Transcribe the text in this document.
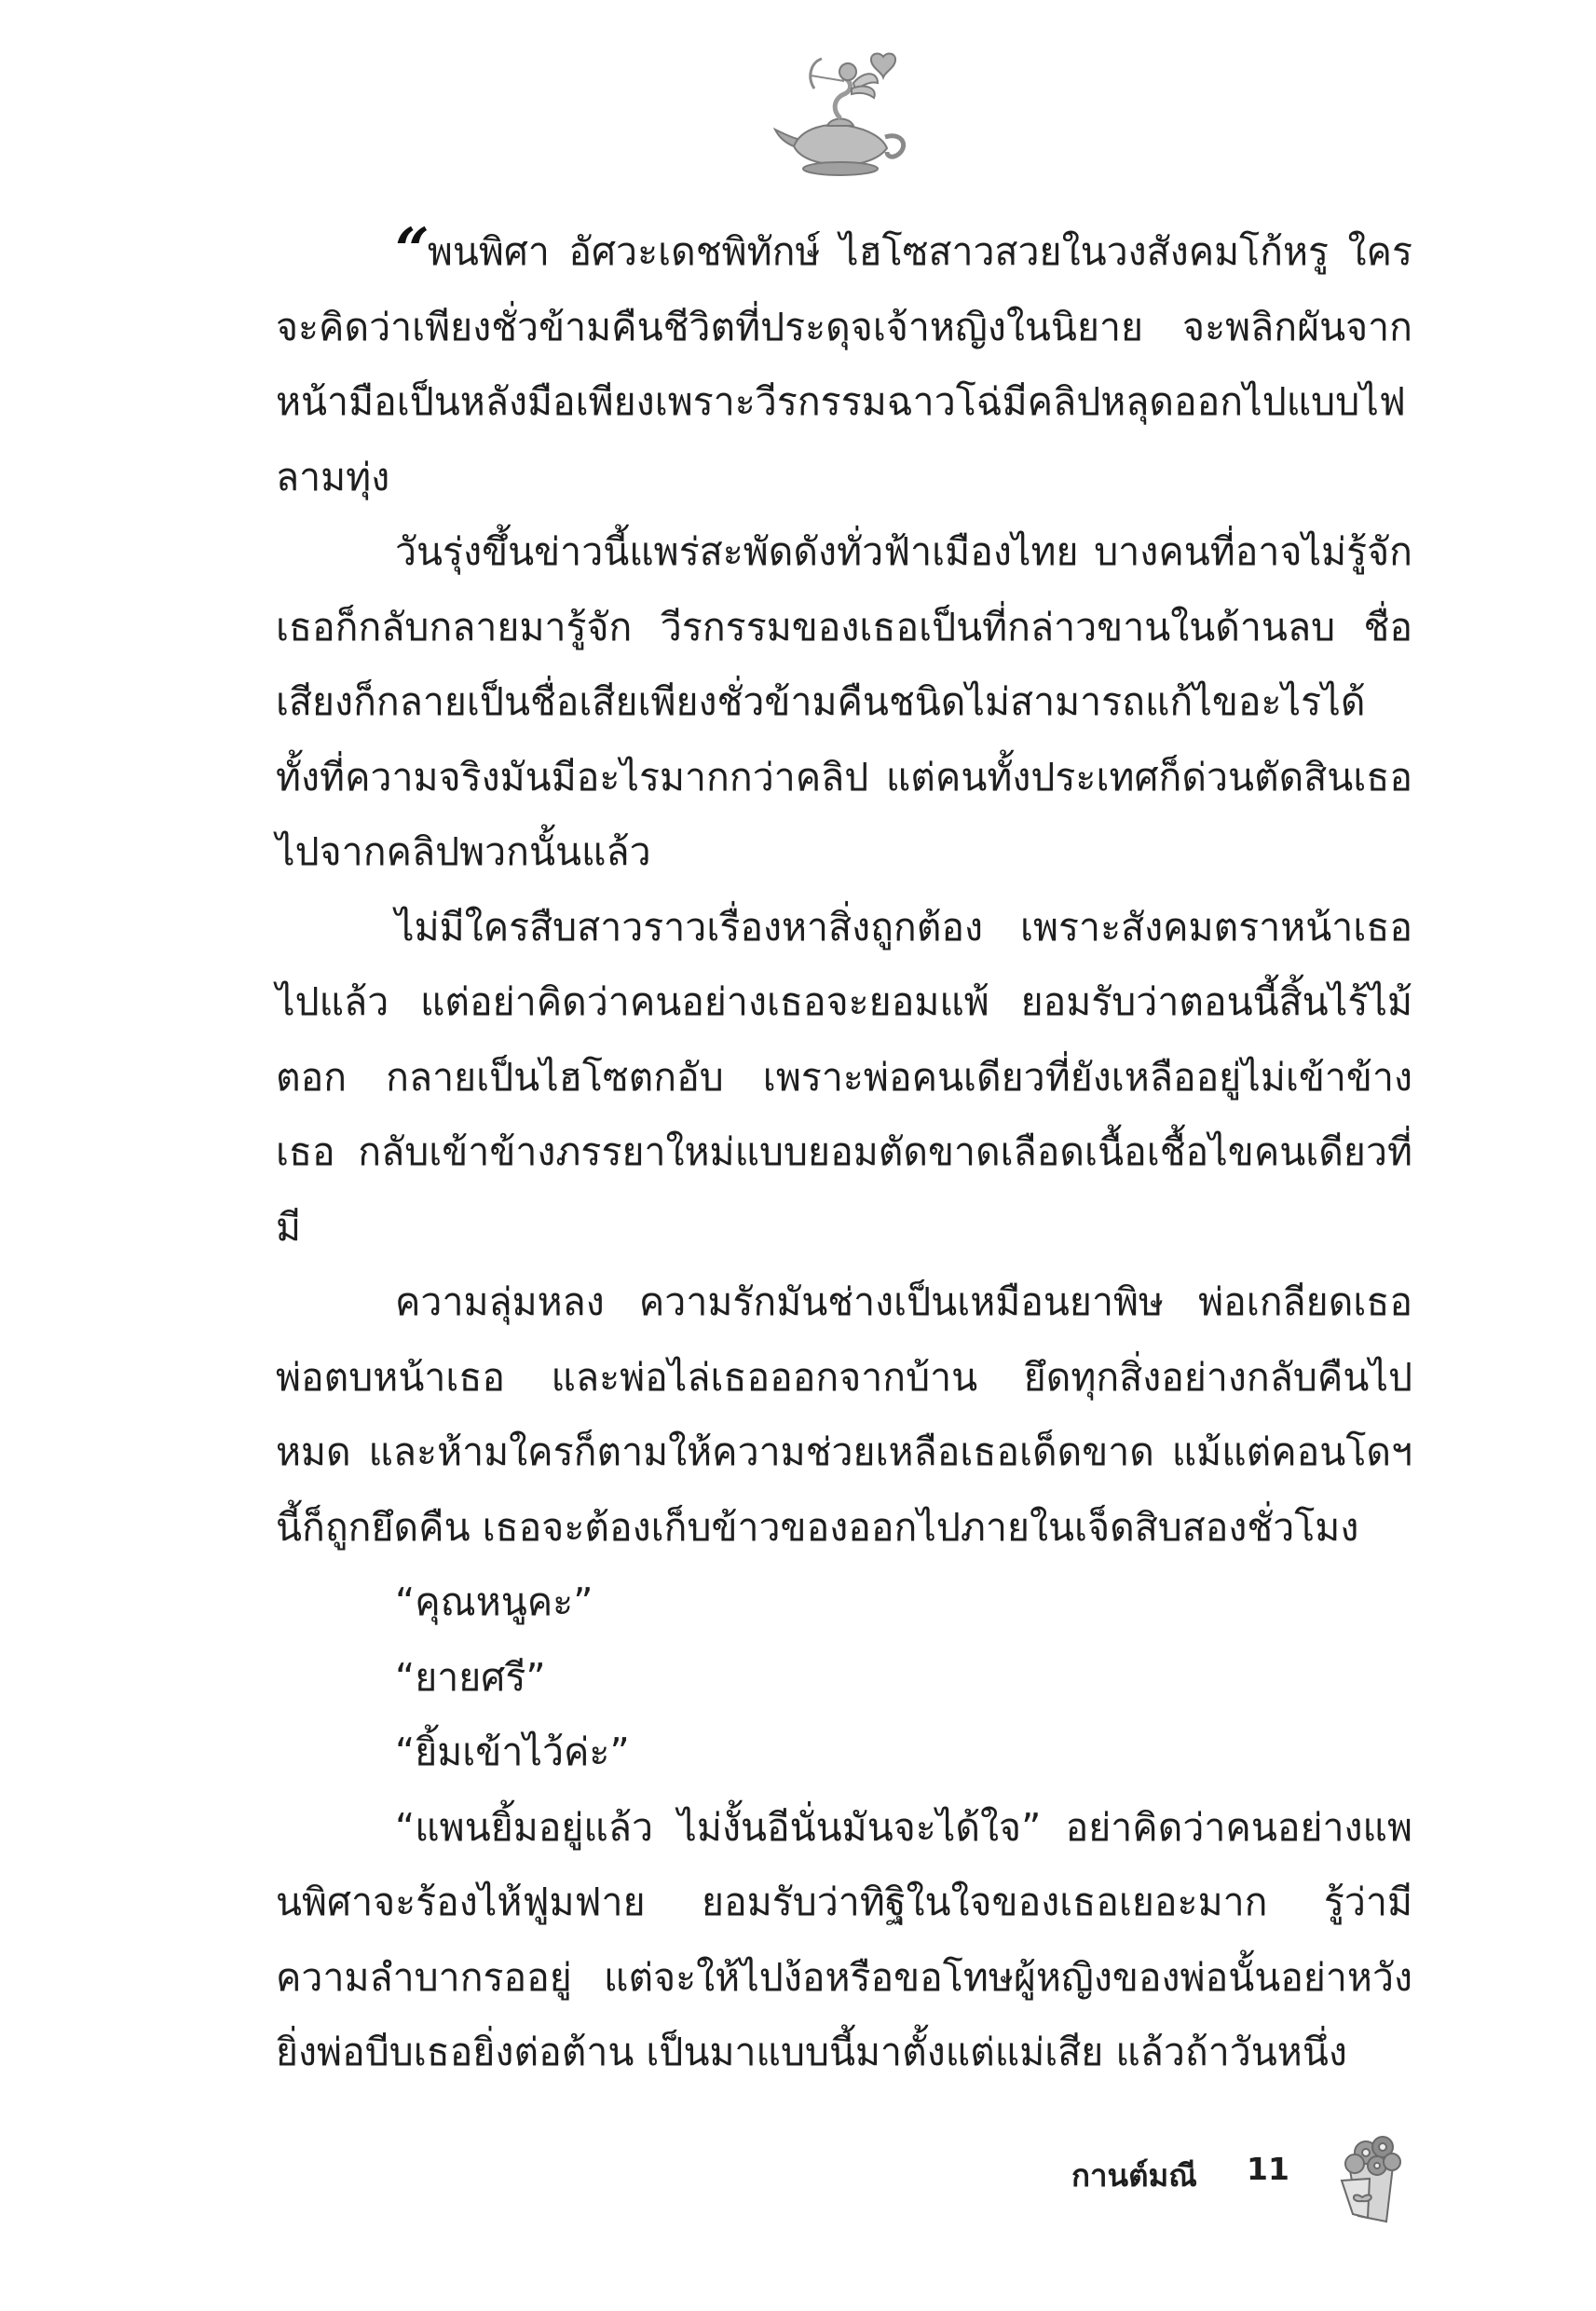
“ พนพิศา อัศวะเดชพิทักษ์ ไฮโซสาวสวยในวงสังคมโก้หรู ใครจะคิดว่าเพียงชั่วข้ามคืนชีวิตที่ประดุจเจ้าหญิงในนิยาย จะพลิกผันจากหน้ามือเป็นหลังมือเพียงเพราะวีรกรรมฉาวโฉ่มีคลิปหลุดออกไปแบบไฟลามทุ่ง

วันรุ่งขึ้นข่าวนี้แพร่สะพัดดังทั่วฟ้าเมืองไทย บางคนที่อาจไม่รู้จักเธอก็กลับกลายมารู้จัก วีรกรรมของเธอเป็นที่กล่าวขานในด้านลบ ชื่อเสียงก็กลายเป็นชื่อเสียเพียงชั่วข้ามคืนชนิดไม่สามารถแก้ไขอะไรได้ ทั้งที่ความจริงมันมีอะไรมากกว่าคลิป แต่คนทั้งประเทศก็ด่วนตัดสินเธอไปจากคลิปพวกนั้นแล้ว

ไม่มีใครสืบสาวราวเรื่องหาสิ่งถูกต้อง เพราะสังคมตราหน้าเธอไปแล้ว แต่อย่าคิดว่าคนอย่างเธอจะยอมแพ้ ยอมรับว่าตอนนี้สิ้นไร้ไม้ตอก กลายเป็นไฮโซตกอับ เพราะพ่อคนเดียวที่ยังเหลืออยู่ไม่เข้าข้างเธอ กลับเข้าข้างภรรยาใหม่แบบยอมตัดขาดเลือดเนื้อเชื้อไขคนเดียวที่มี

ความลุ่มหลง ความรักมันช่างเป็นเหมือนยาพิษ พ่อเกลียดเธอ พ่อตบหน้าเธอ และพ่อไล่เธอออกจากบ้าน ยึดทุกสิ่งอย่างกลับคืนไปหมด และห้ามใครก็ตามให้ความช่วยเหลือเธอเด็ดขาด แม้แต่คอนโดฯ นี้ก็ถูกยึดคืน เธอจะต้องเก็บข้าวของออกไปภายในเจ็ดสิบสองชั่วโมง

“คุณหนูคะ”

“ยายศรี”

“ยิ้มเข้าไว้ค่ะ”

“แพนยิ้มอยู่แล้ว ไม่งั้นอีนั่นมันจะได้ใจ” อย่าคิดว่าคนอย่างแพนพิศาจะร้องไห้ฟูมฟาย ยอมรับว่าทิฐิในใจของเธอเยอะมาก รู้ว่ามีความลำบากรออยู่ แต่จะให้ไปง้อหรือขอโทษผู้หญิงของพ่อนั้นอย่าหวัง ยิ่งพ่อบีบเธอยิ่งต่อต้าน เป็นมาแบบนี้มาตั้งแต่แม่เสีย แล้วถ้าวันหนึ่ง

กานต์มณี 11
